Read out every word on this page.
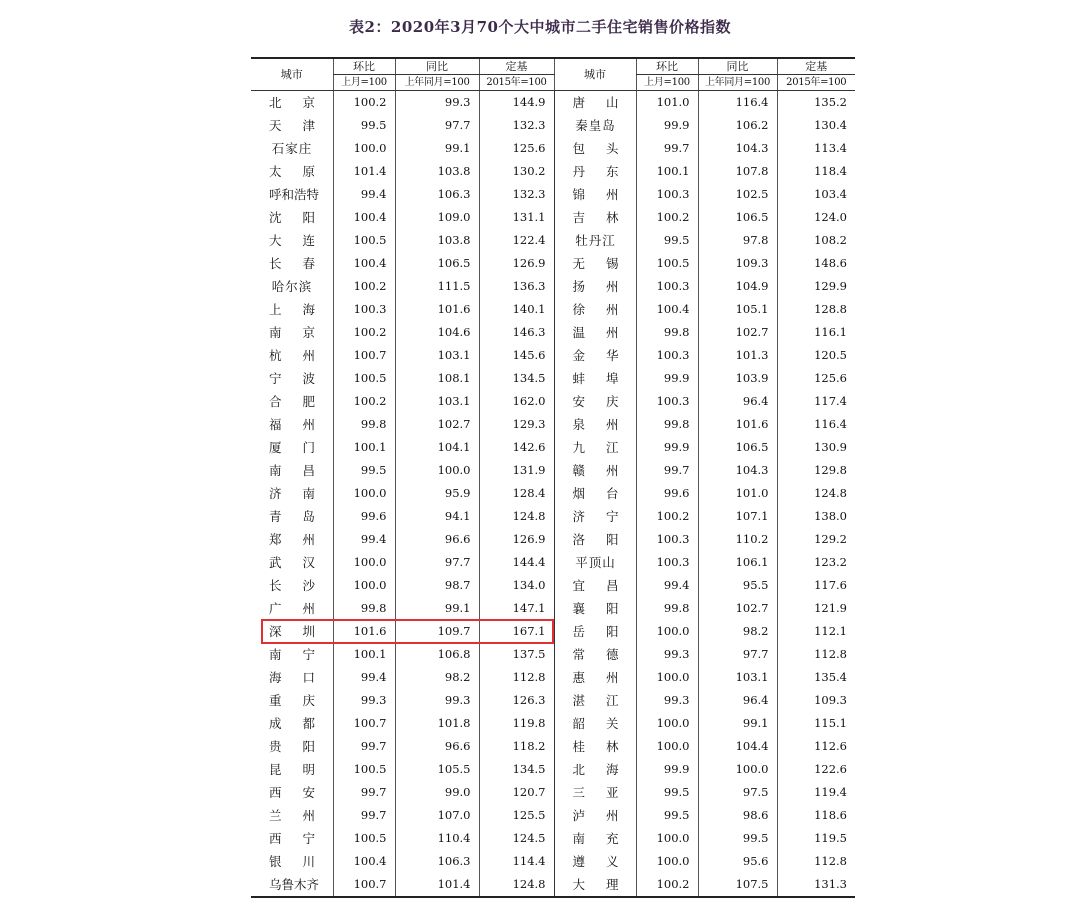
表2：2020年3月70个大中城市二手住宅销售价格指数
城市	环比	同比	定基	城市	环比	同比	定基
	上月=100	上年同月=100	2015年=100		上月=100	上年同月=100	2015年=100

北 京	100.2	99.3	144.9	唐 山	101.0	116.4	135.2

天 津	99.5	97.7	132.3	秦皇岛	99.9	106.2	130.4

石家庄	100.0	99.1	125.6	包 头	99.7	104.3	113.4

太 原	101.4	103.8	130.2	丹 东	100.1	107.8	118.4

呼和浩特	99.4	106.3	132.3	锦 州	100.3	102.5	103.4

沈 阳	100.4	109.0	131.1	吉 林	100.2	106.5	124.0

大 连	100.5	103.8	122.4	牡丹江	99.5	97.8	108.2

长 春	100.4	106.5	126.9	无 锡	100.5	109.3	148.6

哈尔滨	100.2	111.5	136.3	扬 州	100.3	104.9	129.9

上 海	100.3	101.6	140.1	徐 州	100.4	105.1	128.8

南 京	100.2	104.6	146.3	温 州	99.8	102.7	116.1

杭 州	100.7	103.1	145.6	金 华	100.3	101.3	120.5

宁 波	100.5	108.1	134.5	蚌 埠	99.9	103.9	125.6

合 肥	100.2	103.1	162.0	安 庆	100.3	96.4	117.4

福 州	99.8	102.7	129.3	泉 州	99.8	101.6	116.4

厦 门	100.1	104.1	142.6	九 江	99.9	106.5	130.9

南 昌	99.5	100.0	131.9	赣 州	99.7	104.3	129.8

济 南	100.0	95.9	128.4	烟 台	99.6	101.0	124.8

青 岛	99.6	94.1	124.8	济 宁	100.2	107.1	138.0

郑 州	99.4	96.6	126.9	洛 阳	100.3	110.2	129.2

武 汉	100.0	97.7	144.4	平顶山	100.3	106.1	123.2

长 沙	100.0	98.7	134.0	宜 昌	99.4	95.5	117.6

广 州	99.8	99.1	147.1	襄 阳	99.8	102.7	121.9

深 圳	101.6	109.7	167.1	岳 阳	100.0	98.2	112.1

南 宁	100.1	106.8	137.5	常 德	99.3	97.7	112.8

海 口	99.4	98.2	112.8	惠 州	100.0	103.1	135.4

重 庆	99.3	99.3	126.3	湛 江	99.3	96.4	109.3

成 都	100.7	101.8	119.8	韶 关	100.0	99.1	115.1

贵 阳	99.7	96.6	118.2	桂 林	100.0	104.4	112.6

昆 明	100.5	105.5	134.5	北 海	99.9	100.0	122.6

西 安	99.7	99.0	120.7	三 亚	99.5	97.5	119.4

兰 州	99.7	107.0	125.5	泸 州	99.5	98.6	118.6

西 宁	100.5	110.4	124.5	南 充	100.0	99.5	119.5

银 川	100.4	106.3	114.4	遵 义	100.0	95.6	112.8

乌鲁木齐	100.7	101.4	124.8	大 理	100.2	107.5	131.3
